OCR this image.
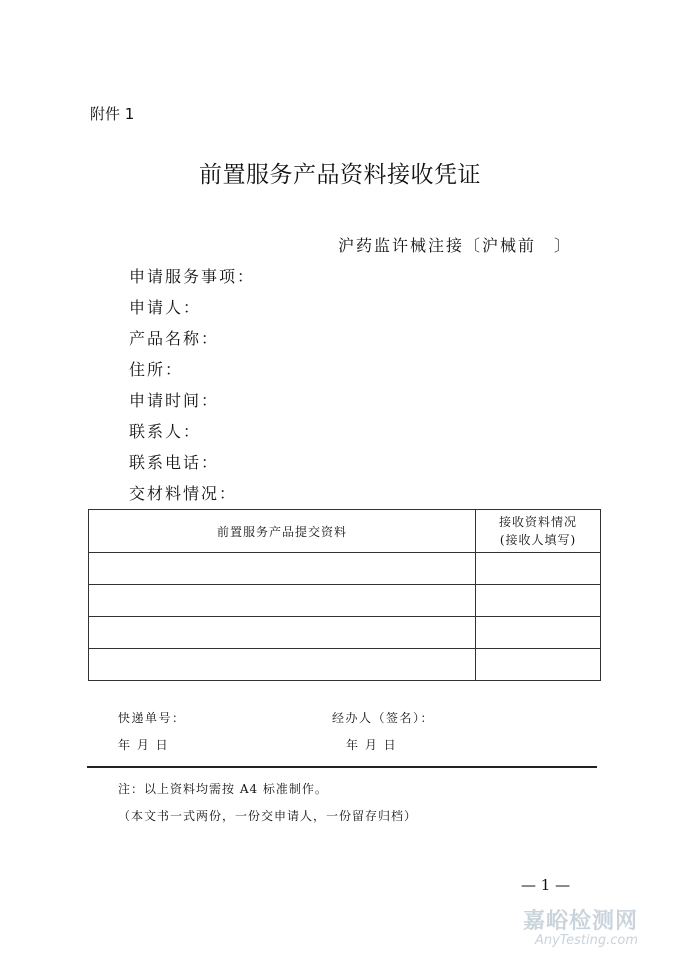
附件 1
前置服务产品资料接收凭证
沪药监许械注接〔沪械前　〕
申请服务事项：
申请人：
产品名称：
住所：
申请时间：
联系人：
联系电话：
交材料情况：
前置服务产品提交资料	接收资料情况
(接收人填写)

快递单号：	经办人（签名）：
年 月 日	年 月 日
注：以上资料均需按 A4 标准制作。
（本文书一式两份，一份交申请人，一份留存归档）
— 1 —
嘉峪检测网
AnyTesting.com
